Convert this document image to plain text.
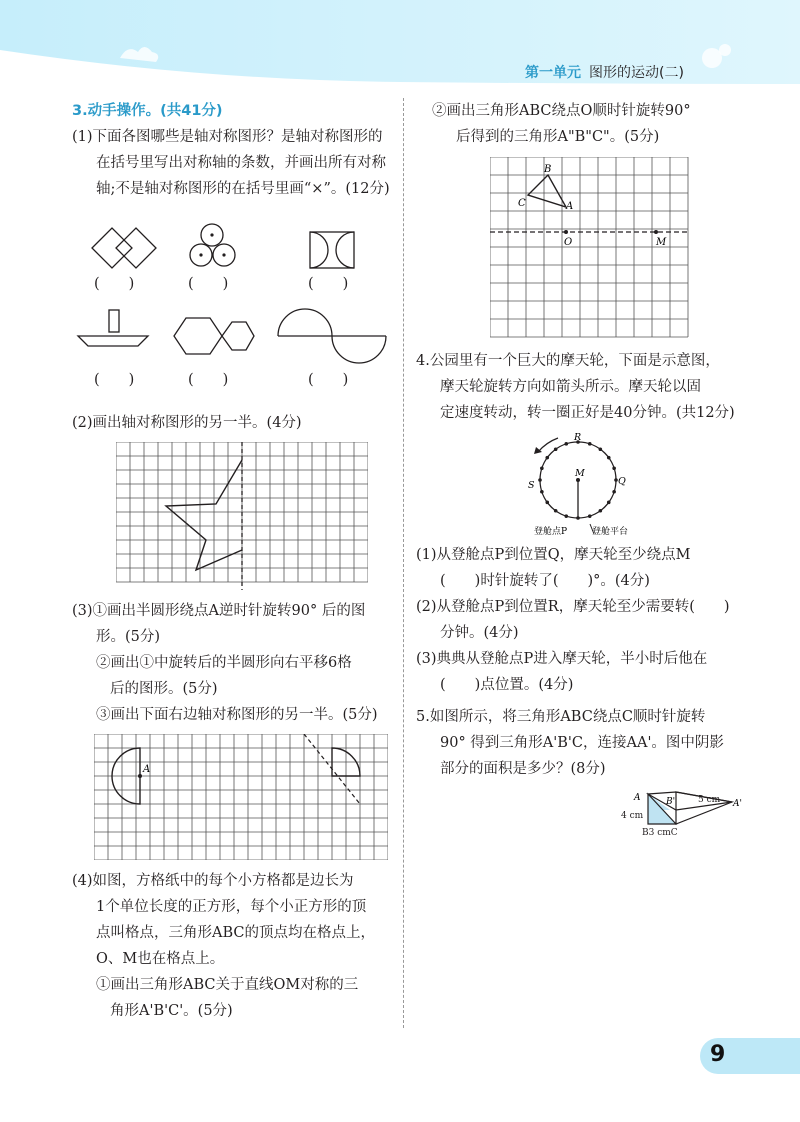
第一单元 图形的运动(二)

3.动手操作。(共41分)

(1)下面各图哪些是轴对称图形？是轴对称图形的

在括号里写出对称轴的条数，并画出所有对称

轴;不是轴对称图形的在括号里画“×”。(12分)

(　　)	(　　)	(　　)
(　　)	(　　)	(　　)

(2)画出轴对称图形的另一半。(4分)

(3)①画出半圆形绕点A逆时针旋转90° 后的图

形。(5分)

②画出①中旋转后的半圆形向右平移6格

后的图形。(5分)

③画出下面右边轴对称图形的另一半。(5分)

A

(4)如图，方格纸中的每个小方格都是边长为

1个单位长度的正方形，每个小正方形的顶

点叫格点，三角形ABC的顶点均在格点上，

O、M也在格点上。

①画出三角形ABC关于直线OM对称的三

角形A'B'C'。(5分)

②画出三角形ABC绕点O顺时针旋转90°

后得到的三角形A"B"C"。(5分)

B
C	A
O	M

4.公园里有一个巨大的摩天轮，下面是示意图，

摩天轮旋转方向如箭头所示。摩天轮以固

定速度转动，转一圈正好是40分钟。(共12分)

R
S
M
Q
登舱点P	登舱平台

(1)从登舱点P到位置Q，摩天轮至少绕点M

(　　)时针旋转了(　　)°。(4分)

(2)从登舱点P到位置R，摩天轮至少需要转(　　)

分钟。(4分)

(3)典典从登舱点P进入摩天轮，半小时后他在

(　　)点位置。(4分)

5.如图所示，将三角形ABC绕点C顺时针旋转

90° 得到三角形A'B'C，连接AA'。图中阴影

部分的面积是多少？(8分)

A	B'	A'
4 cm
5 cm
B3 cmC
9
